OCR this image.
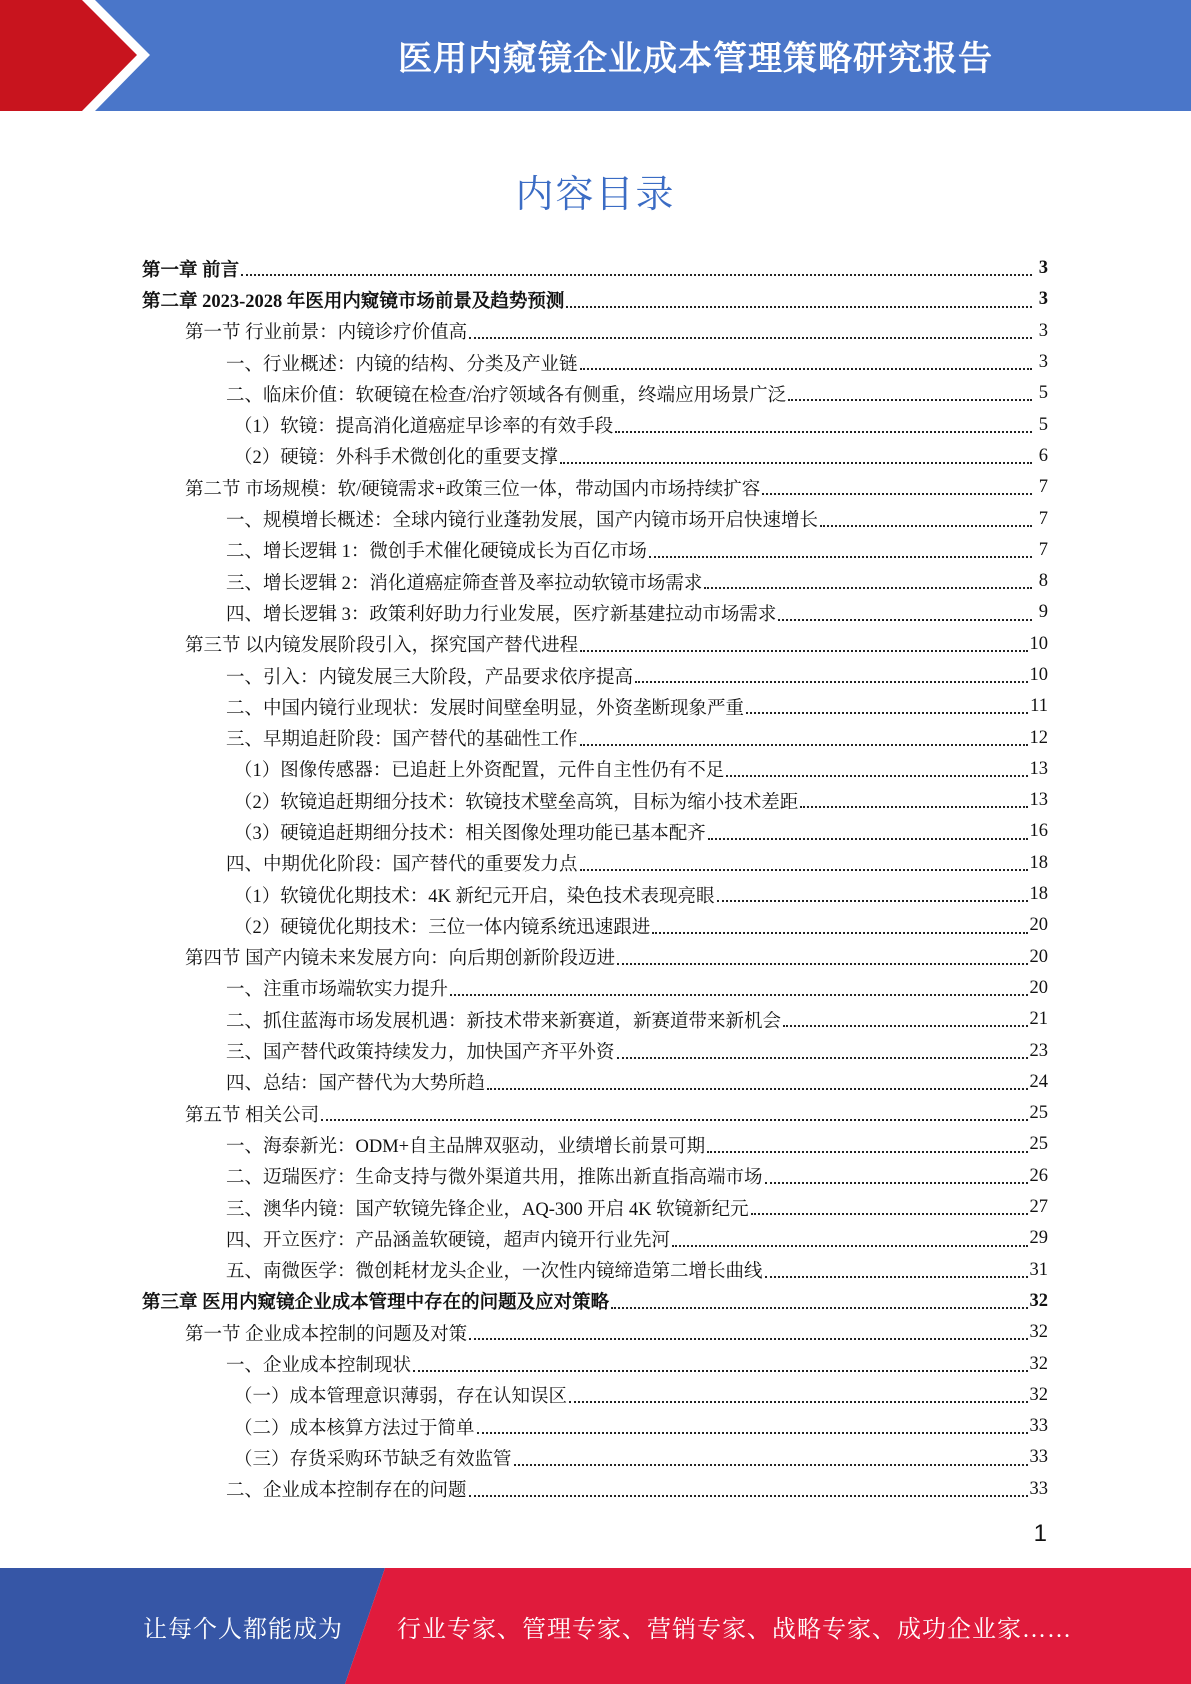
医用内窥镜企业成本管理策略研究报告
内容目录
第一章 前言	3
第二章 2023-2028 年医用内窥镜市场前景及趋势预测	3
第一节 行业前景：内镜诊疗价值高	3
一、行业概述：内镜的结构、分类及产业链	3
二、临床价值：软硬镜在检查/治疗领域各有侧重，终端应用场景广泛	5
（1）软镜：提高消化道癌症早诊率的有效手段	5
（2）硬镜：外科手术微创化的重要支撑	6
第二节 市场规模：软/硬镜需求+政策三位一体，带动国内市场持续扩容	7
一、规模增长概述：全球内镜行业蓬勃发展，国产内镜市场开启快速增长	7
二、增长逻辑 1：微创手术催化硬镜成长为百亿市场	7
三、增长逻辑 2：消化道癌症筛查普及率拉动软镜市场需求	8
四、增长逻辑 3：政策利好助力行业发展，医疗新基建拉动市场需求	9
第三节 以内镜发展阶段引入，探究国产替代进程	10
一、引入：内镜发展三大阶段，产品要求依序提高	10
二、中国内镜行业现状：发展时间壁垒明显，外资垄断现象严重	11
三、早期追赶阶段：国产替代的基础性工作	12
（1）图像传感器：已追赶上外资配置，元件自主性仍有不足	13
（2）软镜追赶期细分技术：软镜技术壁垒高筑，目标为缩小技术差距	13
（3）硬镜追赶期细分技术：相关图像处理功能已基本配齐	16
四、中期优化阶段：国产替代的重要发力点	18
（1）软镜优化期技术：4K 新纪元开启，染色技术表现亮眼	18
（2）硬镜优化期技术：三位一体内镜系统迅速跟进	20
第四节 国产内镜未来发展方向：向后期创新阶段迈进	20
一、注重市场端软实力提升	20
二、抓住蓝海市场发展机遇：新技术带来新赛道，新赛道带来新机会	21
三、国产替代政策持续发力，加快国产齐平外资	23
四、总结：国产替代为大势所趋	24
第五节 相关公司	25
一、海泰新光：ODM+自主品牌双驱动，业绩增长前景可期	25
二、迈瑞医疗：生命支持与微外渠道共用，推陈出新直指高端市场	26
三、澳华内镜：国产软镜先锋企业，AQ-300 开启 4K 软镜新纪元	27
四、开立医疗：产品涵盖软硬镜，超声内镜开行业先河	29
五、南微医学：微创耗材龙头企业，一次性内镜缔造第二增长曲线	31
第三章 医用内窥镜企业成本管理中存在的问题及应对策略	32
第一节 企业成本控制的问题及对策	32
一、企业成本控制现状	32
（一）成本管理意识薄弱，存在认知误区	32
（二）成本核算方法过于简单	33
（三）存货采购环节缺乏有效监管	33
二、企业成本控制存在的问题	33
1
让每个人都能成为 行业专家、管理专家、营销专家、战略专家、成功企业家……
